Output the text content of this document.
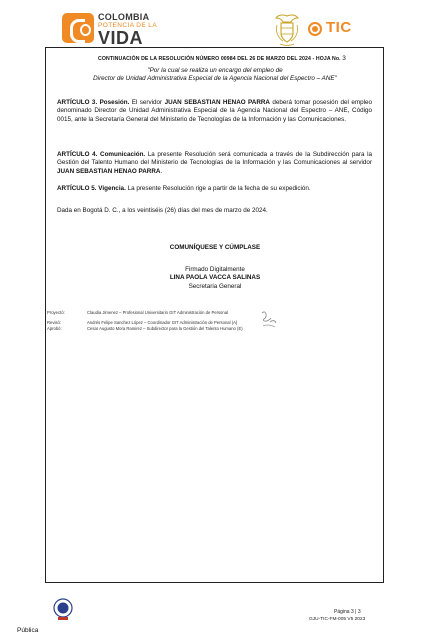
COLOMBIA
POTENCIA DE LA
VIDA
TIC
CONTINUACIÓN DE LA RESOLUCIÓN NÚMERO 00984 DEL 26 DE MARZO DEL 2024 - HOJA No. 3
"Por la cual se realiza un encargo del empleo de
Director de Unidad Administrativa Especial de la Agencia Nacional del Espectro – ANE"
ARTÍCULO 3. Posesión. El servidor JUAN SEBASTIAN HENAO PARRA deberá tomar posesión del empleo denominado Director de Unidad Administrativa Especial de la Agencia Nacional del Espectro – ANE, Código 0015, ante la Secretaría General del Ministerio de Tecnologías de la Información y las Comunicaciones.
ARTÍCULO 4. Comunicación. La presente Resolución será comunicada a través de la Subdirección para la Gestión del Talento Humano del Ministerio de Tecnologías de la Información y las Comunicaciones al servidor JUAN SEBASTIAN HENAO PARRA.
ARTÍCULO 5. Vigencia. La presente Resolución rige a partir de la fecha de su expedición.
Dada en Bogotá D. C., a los veintiséis (26) días del mes de marzo de 2024.
COMUNÍQUESE Y CÚMPLASE
Firmado Digitalmente
LINA PAOLA VACCA SALINAS
Secretaria General
Proyectó:	Claudia Jimenez – Profesional Universitario GIT Administración de Personal
Revisó:	Andrés Felipe Sanchez López – Coordinador GIT Administración de Personal (A)
Aprobó:	Cesar Augusto Mora Ramirez – Subdirector para la Gestión del Talento Humano (E)
Página 3 | 3
GJU-TIC-FM-005 V5 2023
Pública
